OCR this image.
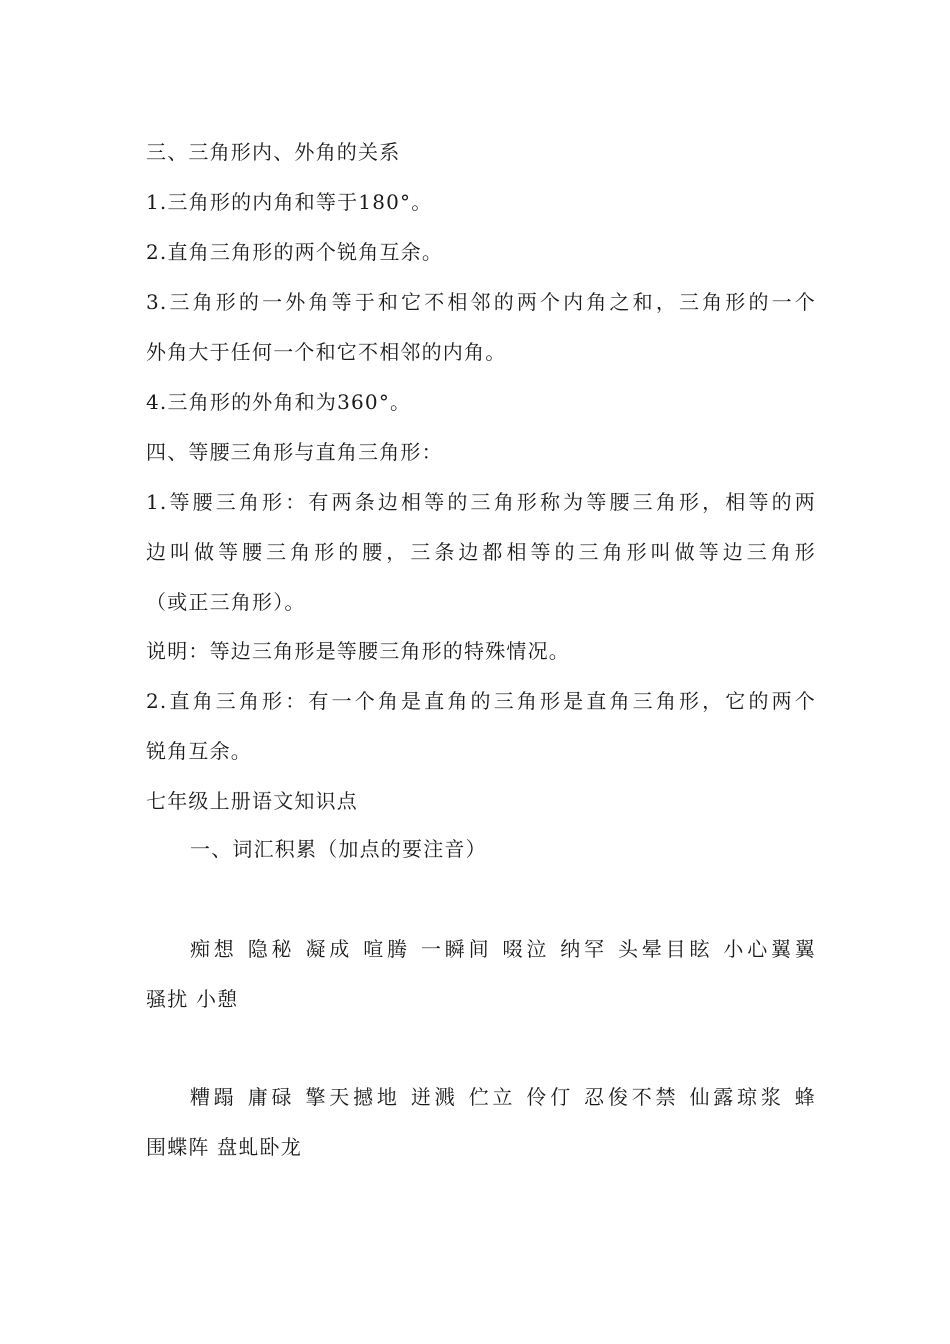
三、三角形内、外角的关系
1.三角形的内角和等于180°。
2.直角三角形的两个锐角互余。
3.三角形的一外角等于和它不相邻的两个内角之和，三角形的一个
外角大于任何一个和它不相邻的内角。
4.三角形的外角和为360°。
四、等腰三角形与直角三角形：
1.等腰三角形：有两条边相等的三角形称为等腰三角形，相等的两
边叫做等腰三角形的腰，三条边都相等的三角形叫做等边三角形
（或正三角形）。
说明：等边三角形是等腰三角形的特殊情况。
2.直角三角形：有一个角是直角的三角形是直角三角形，它的两个
锐角互余。
七年级上册语文知识点
一、词汇积累（加点的要注音）
痴想 隐秘 凝成 喧腾 一瞬间 啜泣 纳罕 头晕目眩 小心翼翼
骚扰 小憩
糟蹋 庸碌 擎天撼地 迸溅 伫立 伶仃 忍俊不禁 仙露琼浆 蜂
围蝶阵 盘虬卧龙
